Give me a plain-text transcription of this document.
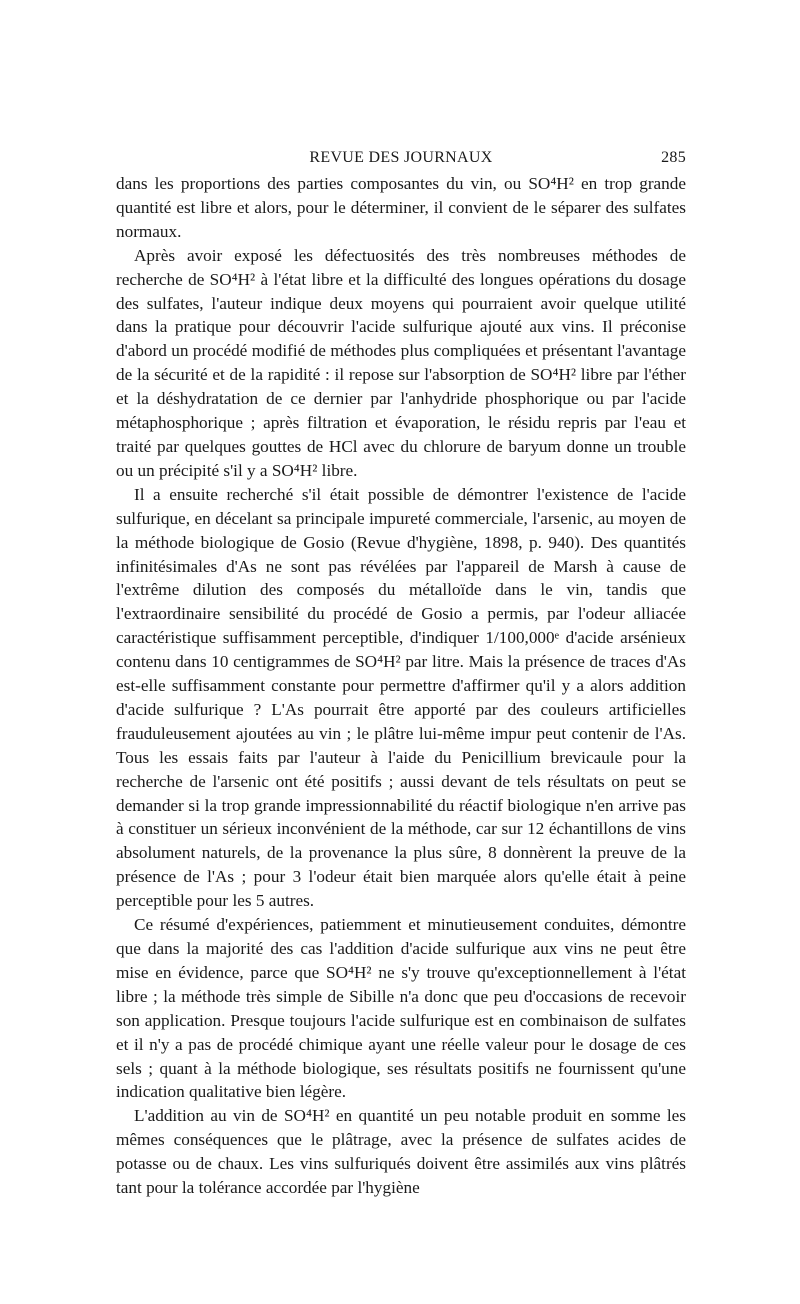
REVUE DES JOURNAUX	285

dans les proportions des parties composantes du vin, ou SO⁴H² en trop grande quantité est libre et alors, pour le déterminer, il convient de le séparer des sulfates normaux.

Après avoir exposé les défectuosités des très nombreuses méthodes de recherche de SO⁴H² à l'état libre et la difficulté des longues opérations du dosage des sulfates, l'auteur indique deux moyens qui pourraient avoir quelque utilité dans la pratique pour découvrir l'acide sulfurique ajouté aux vins. Il préconise d'abord un procédé modifié de méthodes plus compliquées et présentant l'avantage de la sécurité et de la rapidité : il repose sur l'absorption de SO⁴H² libre par l'éther et la déshydratation de ce dernier par l'anhydride phosphorique ou par l'acide métaphosphorique ; après filtration et évaporation, le résidu repris par l'eau et traité par quelques gouttes de HCl avec du chlorure de baryum donne un trouble ou un précipité s'il y a SO⁴H² libre.

Il a ensuite recherché s'il était possible de démontrer l'existence de l'acide sulfurique, en décelant sa principale impureté commerciale, l'arsenic, au moyen de la méthode biologique de Gosio (Revue d'hygiène, 1898, p. 940). Des quantités infinitésimales d'As ne sont pas révélées par l'appareil de Marsh à cause de l'extrême dilution des composés du métalloïde dans le vin, tandis que l'extraordinaire sensibilité du procédé de Gosio a permis, par l'odeur alliacée caractéristique suffisamment perceptible, d'indiquer 1/100,000ᵉ d'acide arsénieux contenu dans 10 centigrammes de SO⁴H² par litre. Mais la présence de traces d'As est-elle suffisamment constante pour permettre d'affirmer qu'il y a alors addition d'acide sulfurique ? L'As pourrait être apporté par des couleurs artificielles frauduleusement ajoutées au vin ; le plâtre lui-même impur peut contenir de l'As. Tous les essais faits par l'auteur à l'aide du Penicillium brevicaule pour la recherche de l'arsenic ont été positifs ; aussi devant de tels résultats on peut se demander si la trop grande impressionnabilité du réactif biologique n'en arrive pas à constituer un sérieux inconvénient de la méthode, car sur 12 échantillons de vins absolument naturels, de la provenance la plus sûre, 8 donnèrent la preuve de la présence de l'As ; pour 3 l'odeur était bien marquée alors qu'elle était à peine perceptible pour les 5 autres.

Ce résumé d'expériences, patiemment et minutieusement conduites, démontre que dans la majorité des cas l'addition d'acide sulfurique aux vins ne peut être mise en évidence, parce que SO⁴H² ne s'y trouve qu'exceptionnellement à l'état libre ; la méthode très simple de Sibille n'a donc que peu d'occasions de recevoir son application. Presque toujours l'acide sulfurique est en combinaison de sulfates et il n'y a pas de procédé chimique ayant une réelle valeur pour le dosage de ces sels ; quant à la méthode biologique, ses résultats positifs ne fournissent qu'une indication qualitative bien légère.

L'addition au vin de SO⁴H² en quantité un peu notable produit en somme les mêmes conséquences que le plâtrage, avec la présence de sulfates acides de potasse ou de chaux. Les vins sulfuriqués doivent être assimilés aux vins plâtrés tant pour la tolérance accordée par l'hygiène
